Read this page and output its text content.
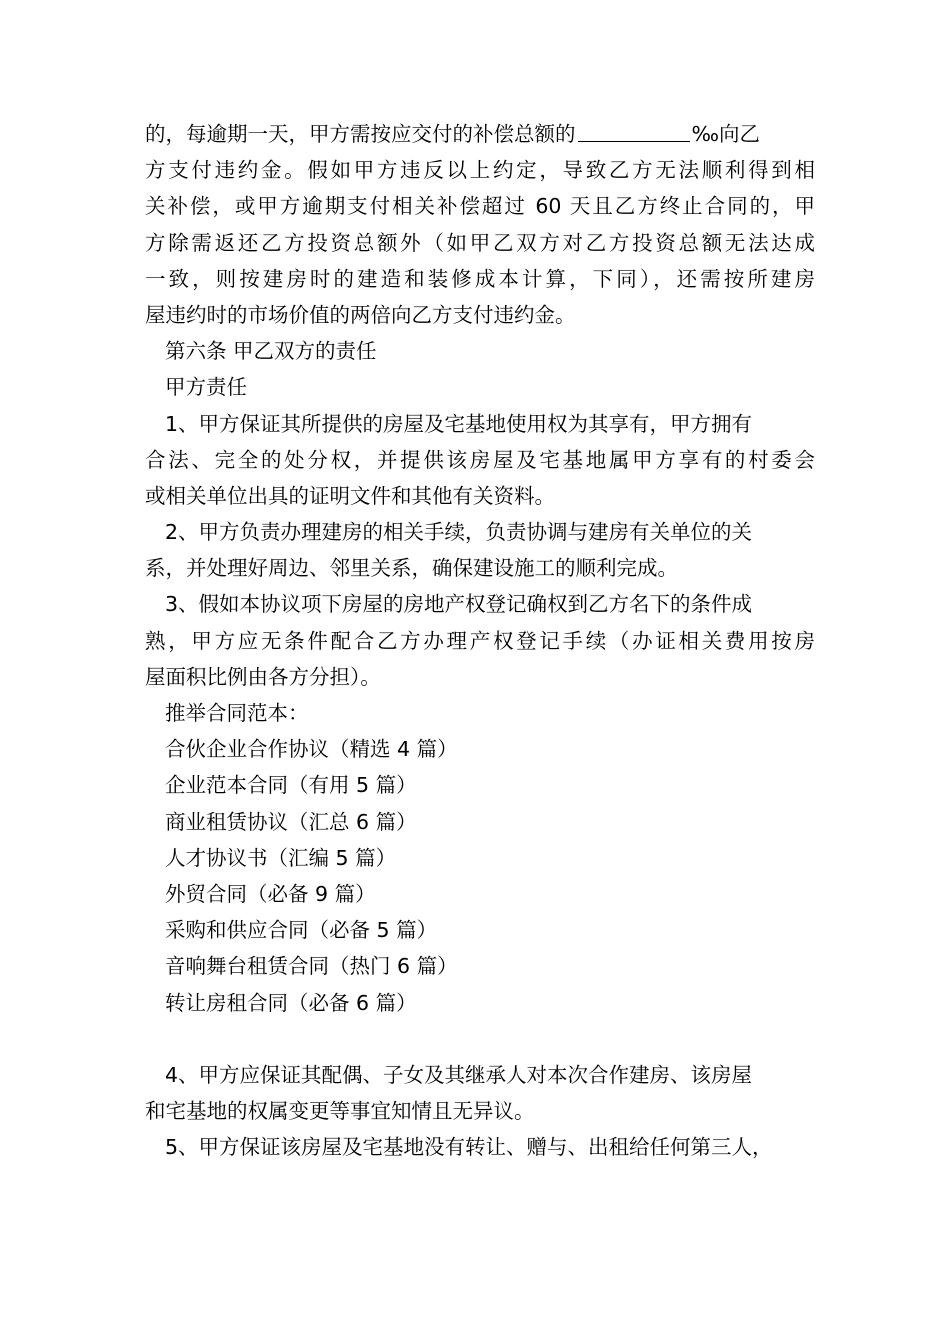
的，每逾期一天，甲方需按应交付的补偿总额的	‰向乙
方支付违约金。假如甲方违反以上约定，导致乙方无法顺利得到相
关补偿，或甲方逾期支付相关补偿超过 60 天且乙方终止合同的，甲
方除需返还乙方投资总额外（如甲乙双方对乙方投资总额无法达成
一致，则按建房时的建造和装修成本计算，下同），还需按所建房
屋违约时的市场价值的两倍向乙方支付违约金。
第六条 甲乙双方的责任
甲方责任
1、甲方保证其所提供的房屋及宅基地使用权为其享有，甲方拥有
合法、完全的处分权，并提供该房屋及宅基地属甲方享有的村委会
或相关单位出具的证明文件和其他有关资料。
2、甲方负责办理建房的相关手续，负责协调与建房有关单位的关
系，并处理好周边、邻里关系，确保建设施工的顺利完成。
3、假如本协议项下房屋的房地产权登记确权到乙方名下的条件成
熟，甲方应无条件配合乙方办理产权登记手续（办证相关费用按房
屋面积比例由各方分担）。
推举合同范本：
合伙企业合作协议（精选 4 篇）
企业范本合同（有用 5 篇）
商业租赁协议（汇总 6 篇）
人才协议书（汇编 5 篇）
外贸合同（必备 9 篇）
采购和供应合同（必备 5 篇）
音响舞台租赁合同（热门 6 篇）
转让房租合同（必备 6 篇）
4、甲方应保证其配偶、子女及其继承人对本次合作建房、该房屋
和宅基地的权属变更等事宜知情且无异议。
5、甲方保证该房屋及宅基地没有转让、赠与、出租给任何第三人，
